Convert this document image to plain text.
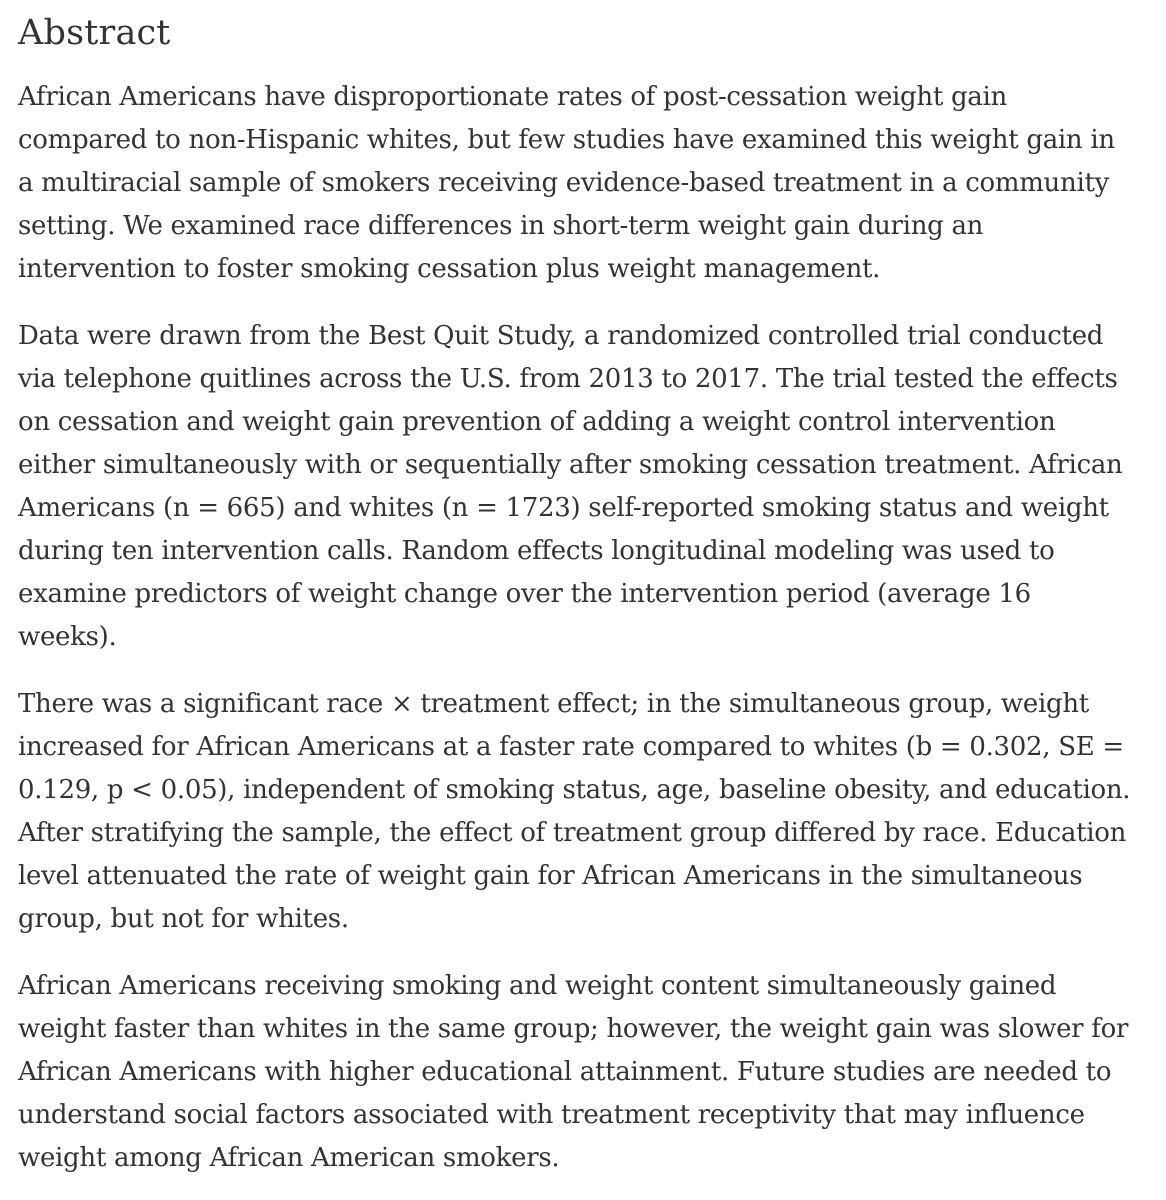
Abstract

African Americans have disproportionate rates of post-cessation weight gain compared to non-Hispanic whites, but few studies have examined this weight gain in a multiracial sample of smokers receiving evidence-based treatment in a community setting. We examined race differences in short-term weight gain during an intervention to foster smoking cessation plus weight management.

Data were drawn from the Best Quit Study, a randomized controlled trial conducted via telephone quitlines across the U.S. from 2013 to 2017. The trial tested the effects on cessation and weight gain prevention of adding a weight control intervention either simultaneously with or sequentially after smoking cessation treatment. African Americans (n = 665) and whites (n = 1723) self-reported smoking status and weight during ten intervention calls. Random effects longitudinal modeling was used to examine predictors of weight change over the intervention period (average 16 weeks).

There was a significant race × treatment effect; in the simultaneous group, weight increased for African Americans at a faster rate compared to whites (b = 0.302, SE = 0.129, p < 0.05), independent of smoking status, age, baseline obesity, and education. After stratifying the sample, the effect of treatment group differed by race. Education level attenuated the rate of weight gain for African Americans in the simultaneous group, but not for whites.

African Americans receiving smoking and weight content simultaneously gained weight faster than whites in the same group; however, the weight gain was slower for African Americans with higher educational attainment. Future studies are needed to understand social factors associated with treatment receptivity that may influence weight among African American smokers.
